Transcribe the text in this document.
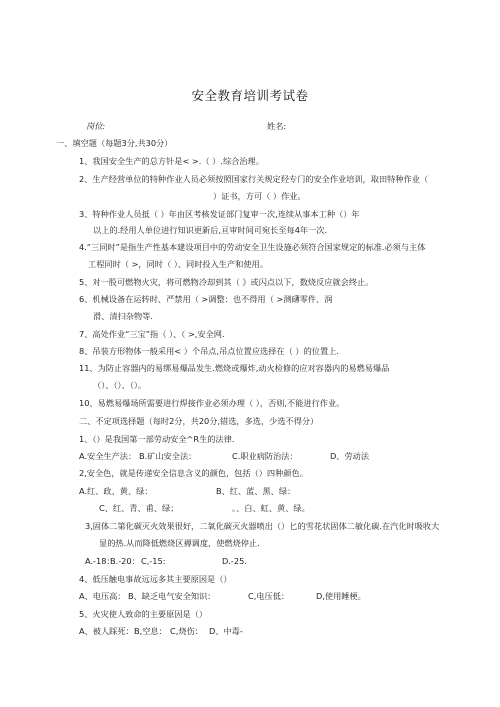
安全教育培训考试卷
岗位:	姓名:
一、填空题（每题3分,共30分）
1、我国安全生产的总方针是< >.（ ）.综合治理。
2、生产经营单位的特种作业人员必须按照国家行关规定羟专门的安全作业培训，取田特种作业（
）证书，方可（ ）作业。
3、特种作业人员抵（ ）年由区考核发证部门复审一次,连续从事本工种（）年
以上的.经用人单位进行知识更新后,亘审时间可宛长至每4年一次.
4.“三同时”是指生产性基本建设项目中的劳动安全卫生设施必须符合国家规定的标准.必须与主体
工程同时（ >，同时（ ）、同时投入生产和使用。
5、对一股可燃物火灾，将可燃物冷却到其（ 》或闪点以下，数烧反应就会终止。
6、机械设备在运转时、严禁用（ >调整：也不得用（ >测礴零件、润
滑、清扫杂物等.
7、高处作业“三宝”指（ ）、（ >,安全网.
8、吊装方形物体一般采用< ）个吊点,吊点位置应选择在（ ）的位置上.
11、为防止容器内的易绑易爆品发生.燃烧或爆炸,动火检修的应对容器内的易燃易爆品
（）、（）、（）。
10、易燃易爆场所需要进行焊接作业必须办理（ ），否则,不能进行作业。
二、不定项选择题（每时2分，共20分,错选，多选，少选不得分）
1、（）是我国第一部劳动安全^R生的法律.
A.安全生产法： B.矿山安全法：	C.职业病防治法：	D、劳动法
2,安全色，就是传递安全信息含义的颜色，包括（）四种颜色。
A.红、政、黄、绿：	B、红、蓝、黑、绿：
C、红、青、甫、绿；	。、白、虹、黄、绿。
3,固体二第化碳灭火效果很好，二氧化碳灭火器喷出（）匕的雪花状固体二敏化碳.在汽化时吸收大
显的热.从而降低燃烧区褥调度，使燃烧停止.
A.-18：
B.-20： C,-15:	D.-25.
4、低压触电事故远远多其主要原因是（）
A、电压高： B、缺乏电气安全知识：	C,电压低：	D,使用睡梗。
5、火灾使人致命的主要原因是（）
A、被人踩死： B,空息： C,烧伤： D、中毒-
